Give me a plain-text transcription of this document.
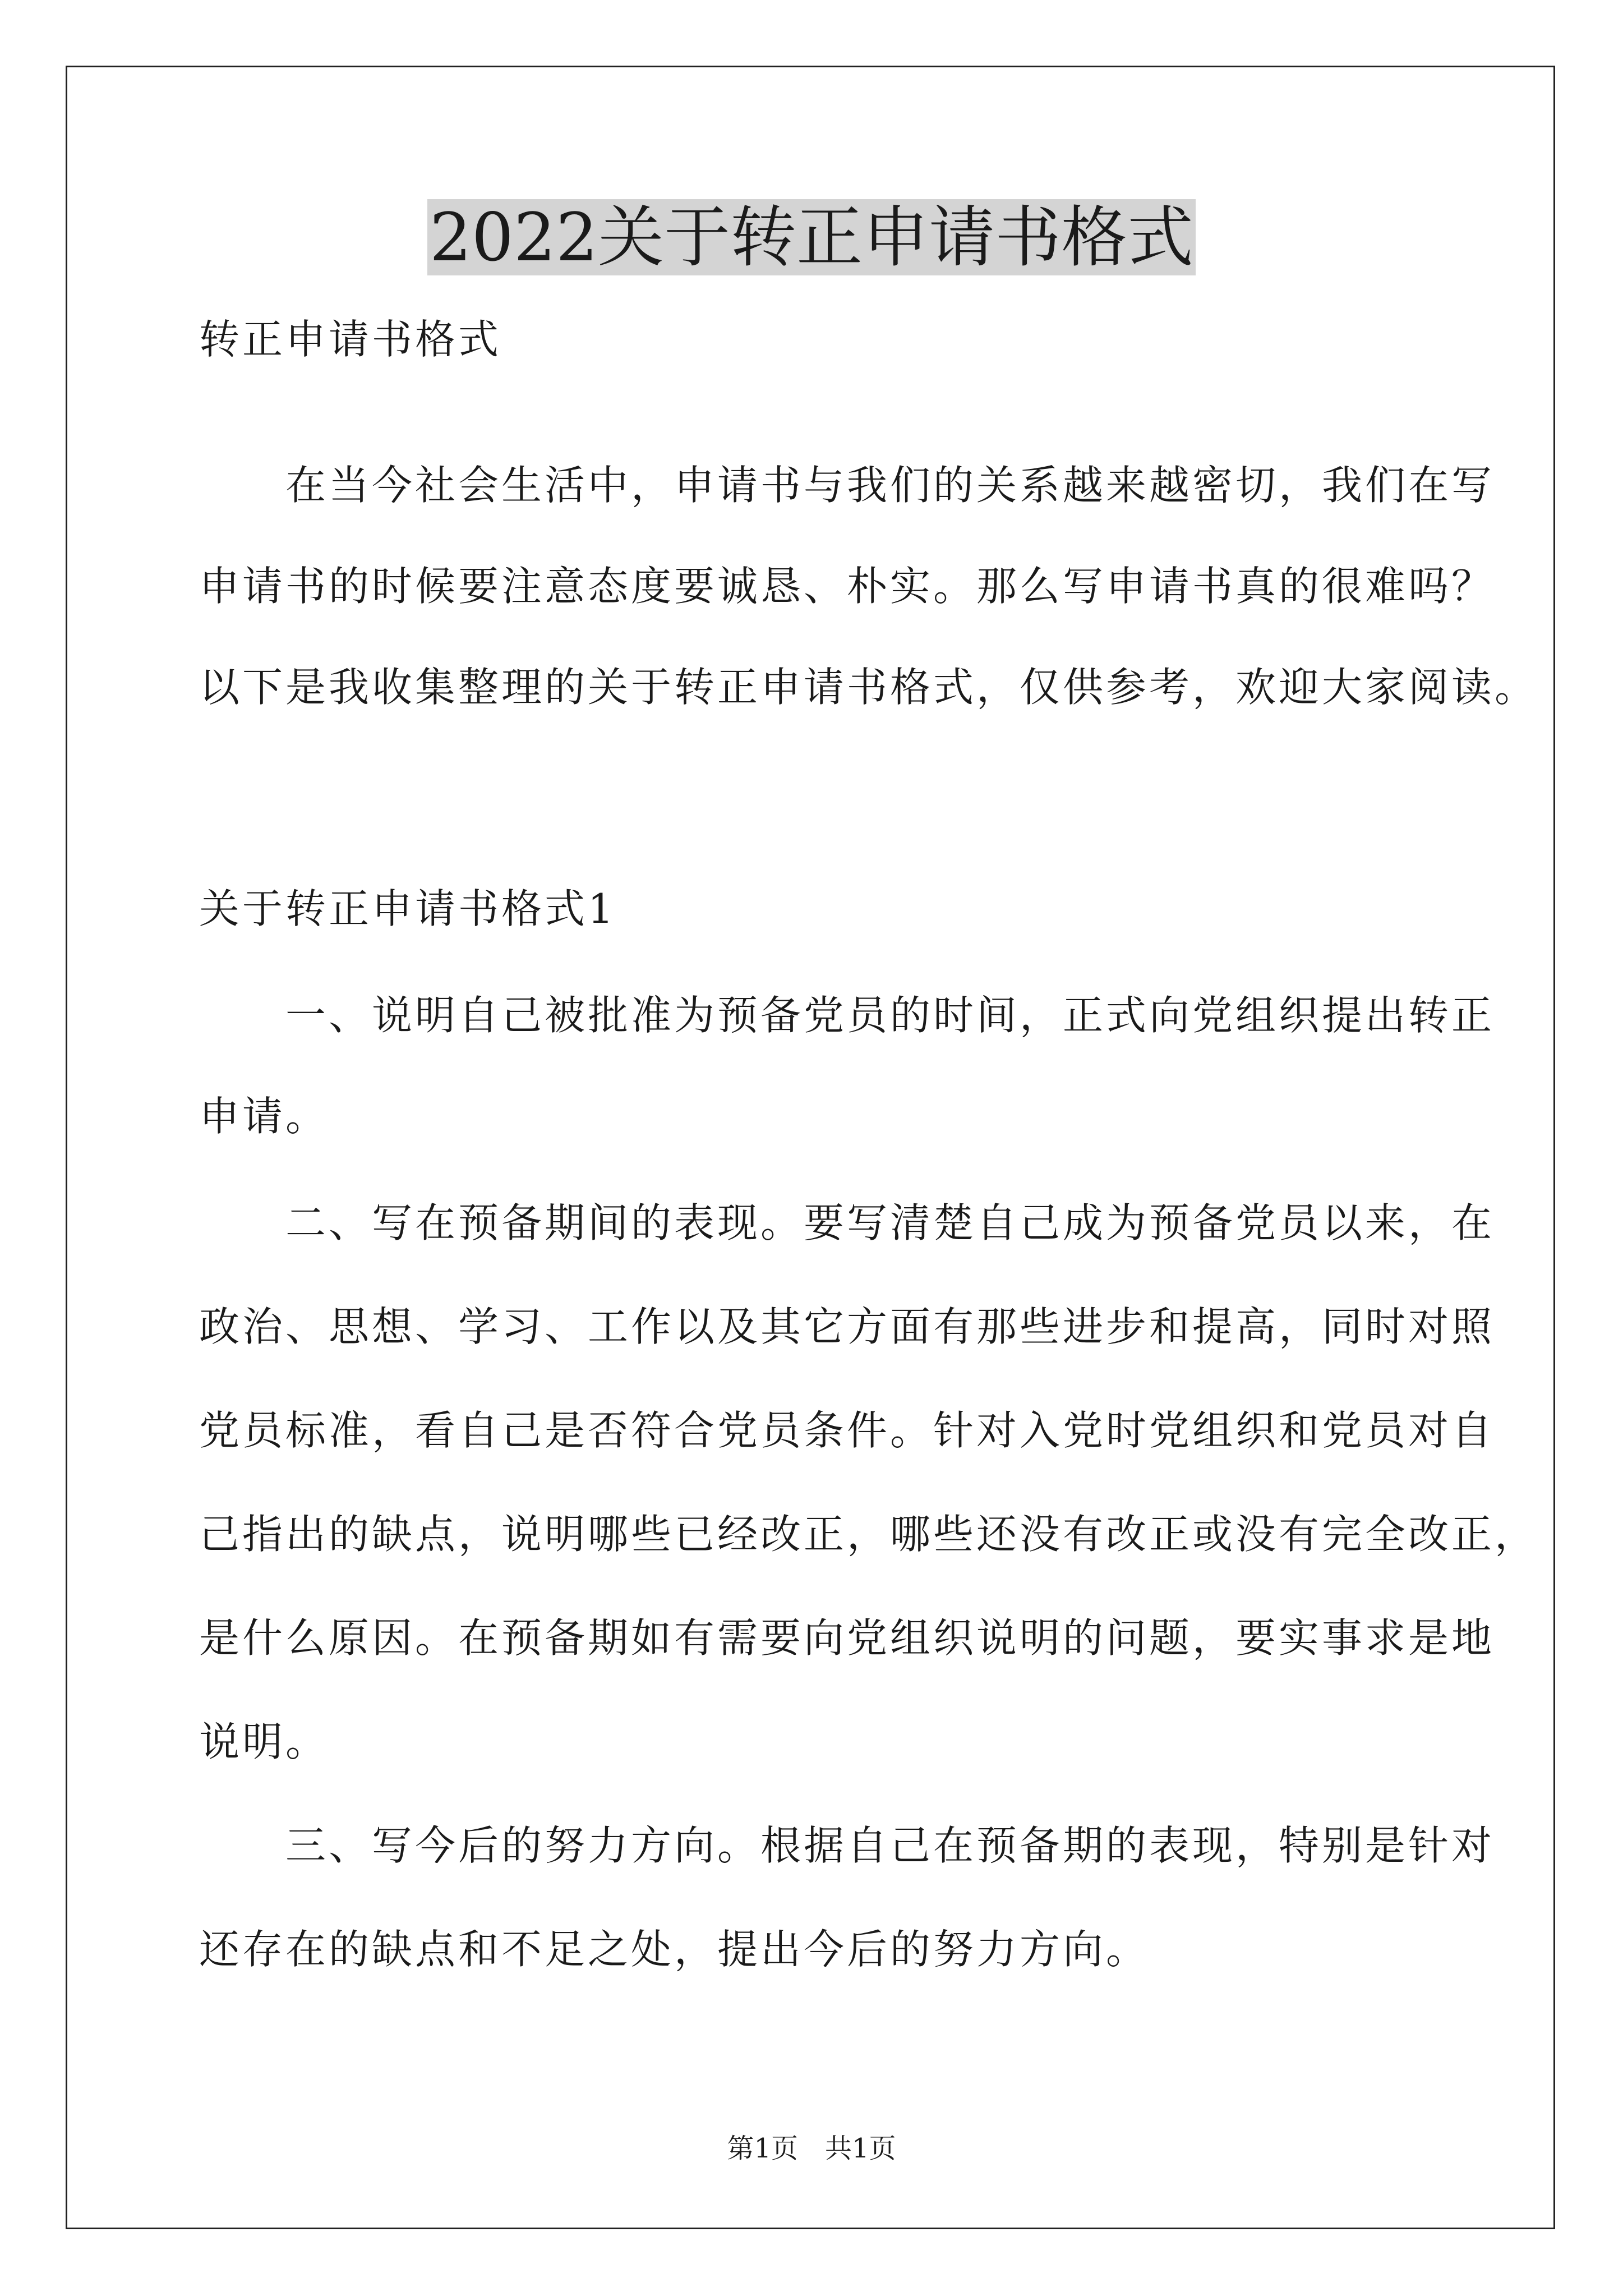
2022关于转正申请书格式
转正申请书格式
　　在当今社会生活中，申请书与我们的关系越来越密切，我们在写
申请书的时候要注意态度要诚恳、朴实。那么写申请书真的很难吗？
以下是我收集整理的关于转正申请书格式，仅供参考，欢迎大家阅读。
关于转正申请书格式1
　　一、说明自己被批准为预备党员的时间，正式向党组织提出转正
申请。
　　二、写在预备期间的表现。要写清楚自己成为预备党员以来，在
政治、思想、学习、工作以及其它方面有那些进步和提高，同时对照
党员标准，看自己是否符合党员条件。针对入党时党组织和党员对自
己指出的缺点，说明哪些已经改正，哪些还没有改正或没有完全改正，
是什么原因。在预备期如有需要向党组织说明的问题，要实事求是地
说明。
　　三、写今后的努力方向。根据自己在预备期的表现，特别是针对
还存在的缺点和不足之处，提出今后的努力方向。
第1页　共1页
